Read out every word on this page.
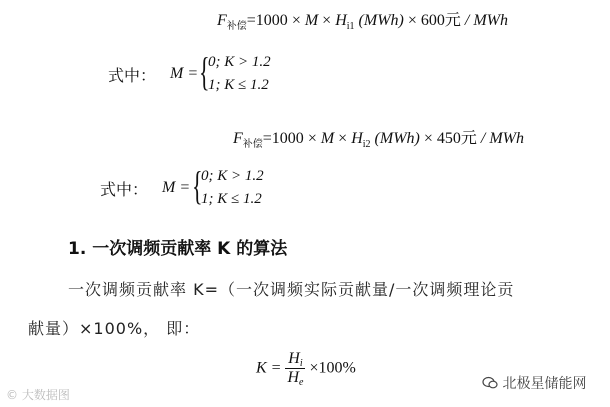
$F_{补偿}=1000 \times M \times H_{i1}$ (MWh) × 600元 / MWh
式中： M = {
0; K > 1.2
1; K ≤ 1.2
$F_{补偿}=1000 \times M \times H_{i2}$ (MWh) × 450元 / MWh
式中： M = {
0; K > 1.2
1; K ≤ 1.2
1. 一次调频贡献率 K 的算法
一次调频贡献率 K=（一次调频实际贡献量/一次调频理论贡
献量）×100%， 即：
$K = \frac{Hi}{He} \times 100\%$
© 大数据图
北极星储能网
